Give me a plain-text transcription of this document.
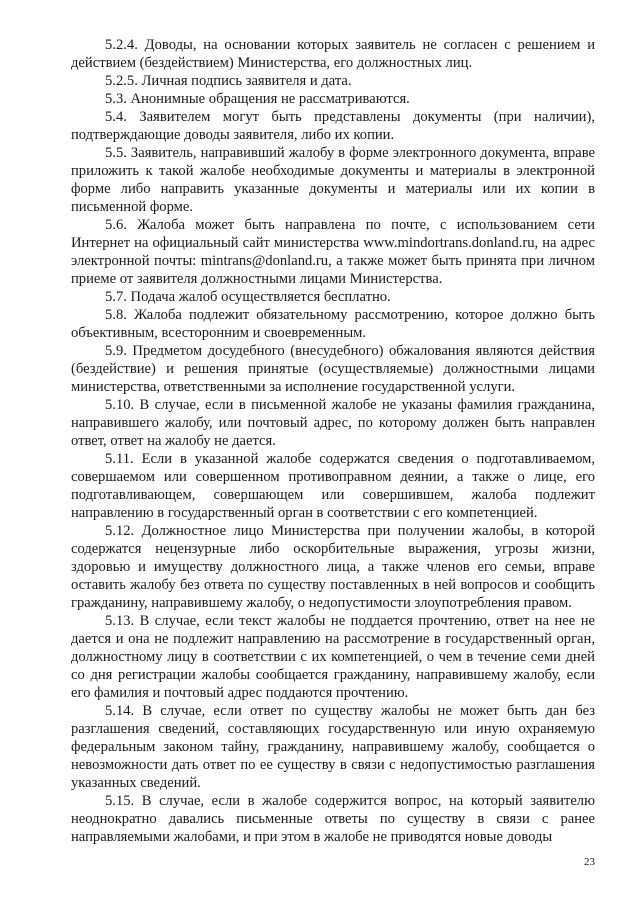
5.2.4. Доводы, на основании которых заявитель не согласен с решением и действием (бездействием) Министерства, его должностных лиц.

5.2.5. Личная подпись заявителя и дата.

5.3. Анонимные обращения не рассматриваются.

5.4. Заявителем могут быть представлены документы (при наличии), подтверждающие доводы заявителя, либо их копии.

5.5. Заявитель, направивший жалобу в форме электронного документа, вправе приложить к такой жалобе необходимые документы и материалы в электронной форме либо направить указанные документы и материалы или их копии в письменной форме.

5.6. Жалоба может быть направлена по почте, с использованием сети Интернет на официальный сайт министерства www.mindortrans.donland.ru, на адрес электронной почты: mintrans@donland.ru, а также может быть принята при личном приеме от заявителя должностными лицами Министерства.

5.7. Подача жалоб осуществляется бесплатно.

5.8. Жалоба подлежит обязательному рассмотрению, которое должно быть объективным, всесторонним и своевременным.

5.9. Предметом досудебного (внесудебного) обжалования являются действия (бездействие) и решения принятые (осуществляемые) должностными лицами министерства, ответственными за исполнение государственной услуги.

5.10. В случае, если в письменной жалобе не указаны фамилия гражданина, направившего жалобу, или почтовый адрес, по которому должен быть направлен ответ, ответ на жалобу не дается.

5.11. Если в указанной жалобе содержатся сведения о подготавливаемом, совершаемом или совершенном противоправном деянии, а также о лице, его подготавливающем, совершающем или совершившем, жалоба подлежит направлению в государственный орган в соответствии с его компетенцией.

5.12. Должностное лицо Министерства при получении жалобы, в которой содержатся нецензурные либо оскорбительные выражения, угрозы жизни, здоровью и имуществу должностного лица, а также членов его семьи, вправе оставить жалобу без ответа по существу поставленных в ней вопросов и сообщить гражданину, направившему жалобу, о недопустимости злоупотребления правом.

5.13. В случае, если текст жалобы не поддается прочтению, ответ на нее не дается и она не подлежит направлению на рассмотрение в государственный орган, должностному лицу в соответствии с их компетенцией, о чем в течение семи дней со дня регистрации жалобы сообщается гражданину, направившему жалобу, если его фамилия и почтовый адрес поддаются прочтению.

5.14. В случае, если ответ по существу жалобы не может быть дан без разглашения сведений, составляющих государственную или иную охраняемую федеральным законом тайну, гражданину, направившему жалобу, сообщается о невозможности дать ответ по ее существу в связи с недопустимостью разглашения указанных сведений.

5.15. В случае, если в жалобе содержится вопрос, на который заявителю неоднократно давались письменные ответы по существу в связи с ранее направляемыми жалобами, и при этом в жалобе не приводятся новые доводы

23
